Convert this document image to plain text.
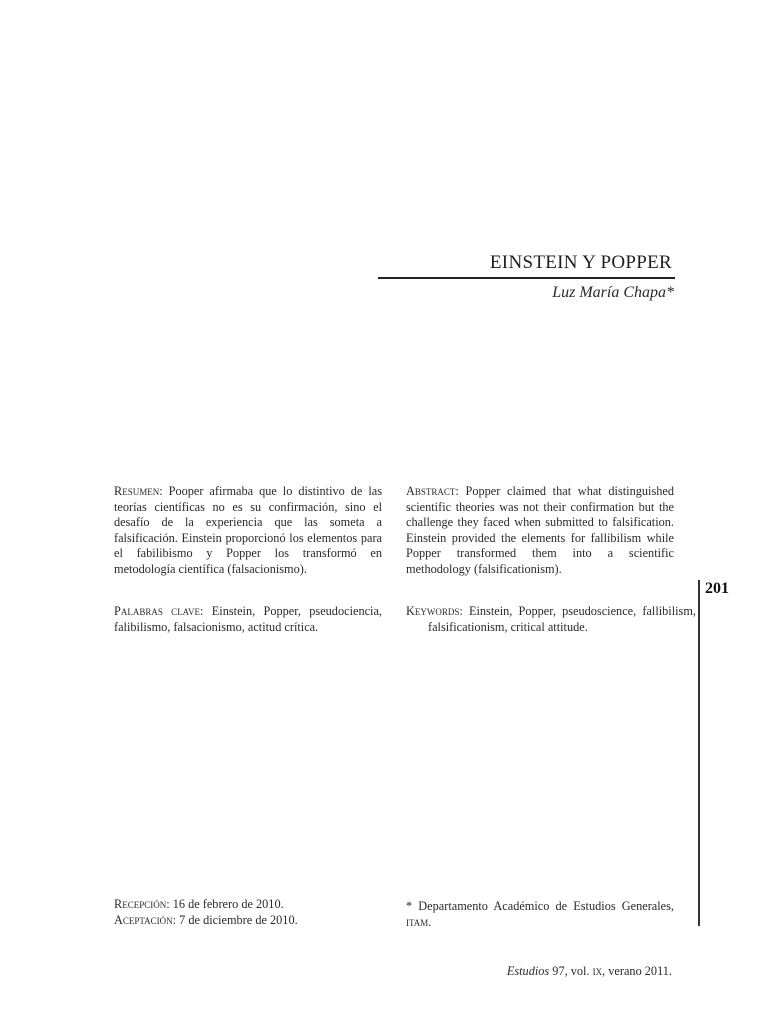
EINSTEIN Y POPPER
Luz María Chapa*
Resumen: Pooper afirmaba que lo distintivo de las teorías científicas no es su confirmación, sino el desafío de la experiencia que las someta a falsificación. Einstein proporcionó los elementos para el fabilibismo y Popper los transformó en metodología científica (falsacionismo).
Palabras clave: Einstein, Popper, pseudociencia, falibilismo, falsacionismo, actitud crítica.
Abstract: Popper claimed that what distinguished scientific theories was not their confirmation but the challenge they faced when submitted to falsification. Einstein provided the elements for fallibilism while Popper transformed them into a scientific methodology (falsificationism).
Keywords: Einstein, Popper, pseudoscience, fallibilism, falsificationism, critical attitude.
201
Recepción: 16 de febrero de 2010.
Aceptación: 7 de diciembre de 2010.
* Departamento Académico de Estudios Generales, itam.
Estudios 97, vol. ix, verano 2011.
